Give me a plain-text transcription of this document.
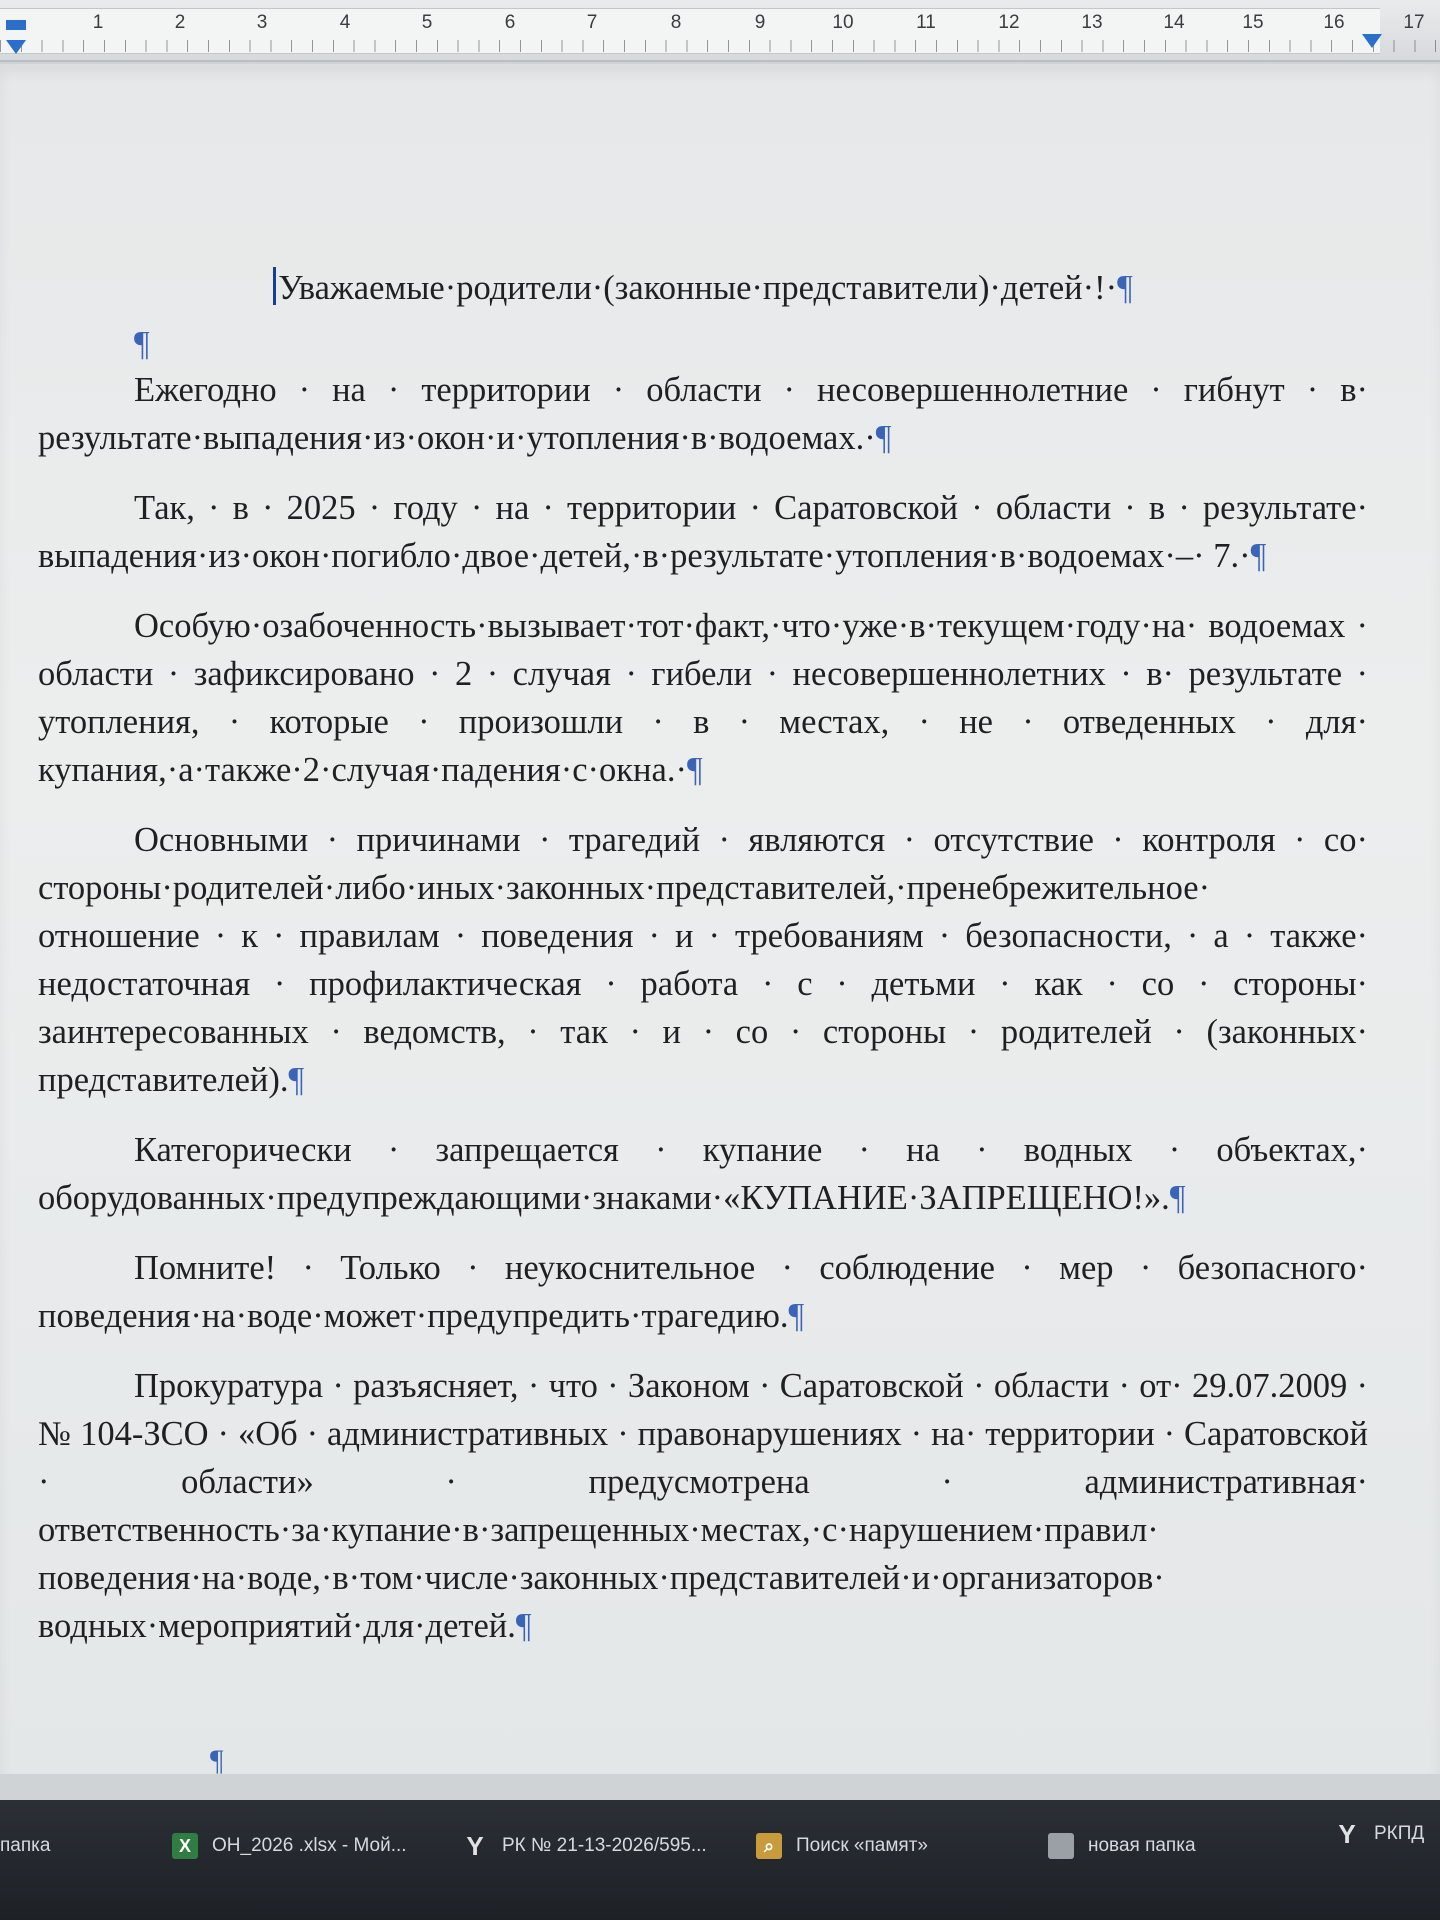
1	2	3	4	5	6	7	8	9	10	11	12	13	14	15	16	17

Уважаемые·родители·(законные·представители)·детей·!·¶

¶

Ежегодно · на · территории · области · несовершеннолетние · гибнут · в· результате·выпадения·из·окон·и·утопления·в·водоемах.·¶

Так, · в · 2025 · году · на · территории · Саратовской · области · в · результате· выпадения·из·окон·погибло·двое·детей,·в·результате·утопления·в·водоемах·–· 7.·¶

Особую·озабоченность·вызывает·тот·факт,·что·уже·в·текущем·году·на· водоемах · области · зафиксировано · 2 · случая · гибели · несовершеннолетних · в· результате · утопления, · которые · произошли · в · местах, · не · отведенных · для· купания,·а·также·2·случая·падения·с·окна.·¶

Основными · причинами · трагедий · являются · отсутствие · контроля · со· стороны·родителей·либо·иных·законных·представителей,·пренебрежительное· отношение · к · правилам · поведения · и · требованиям · безопасности, · а · также· недостаточная · профилактическая · работа · с · детьми · как · со · стороны· заинтересованных · ведомств, · так · и · со · стороны · родителей · (законных· представителей).¶

Категорически · запрещается · купание · на · водных · объектах,· оборудованных·предупреждающими·знаками·«КУПАНИЕ·ЗАПРЕЩЕНО!».¶

Помните! · Только · неукоснительное · соблюдение · мер · безопасного· поведения·на·воде·может·предупредить·трагедию.¶

Прокуратура · разъясняет, · что · Законом · Саратовской · области · от· 29.07.2009 · № 104-ЗСО · «Об · административных · правонарушениях · на· территории · Саратовской · области» · предусмотрена · административная· ответственность·за·купание·в·запрещенных·местах,·с·нарушением·правил· поведения·на·воде,·в·том·числе·законных·представителей·и·организаторов· водных·мероприятий·для·детей.¶

¶
папка	X	ОН_2026 .xlsx - Мой... Y РК № 21-13-2026/595...	⌕	Поиск «памят»	новая папка	Y РКПД
